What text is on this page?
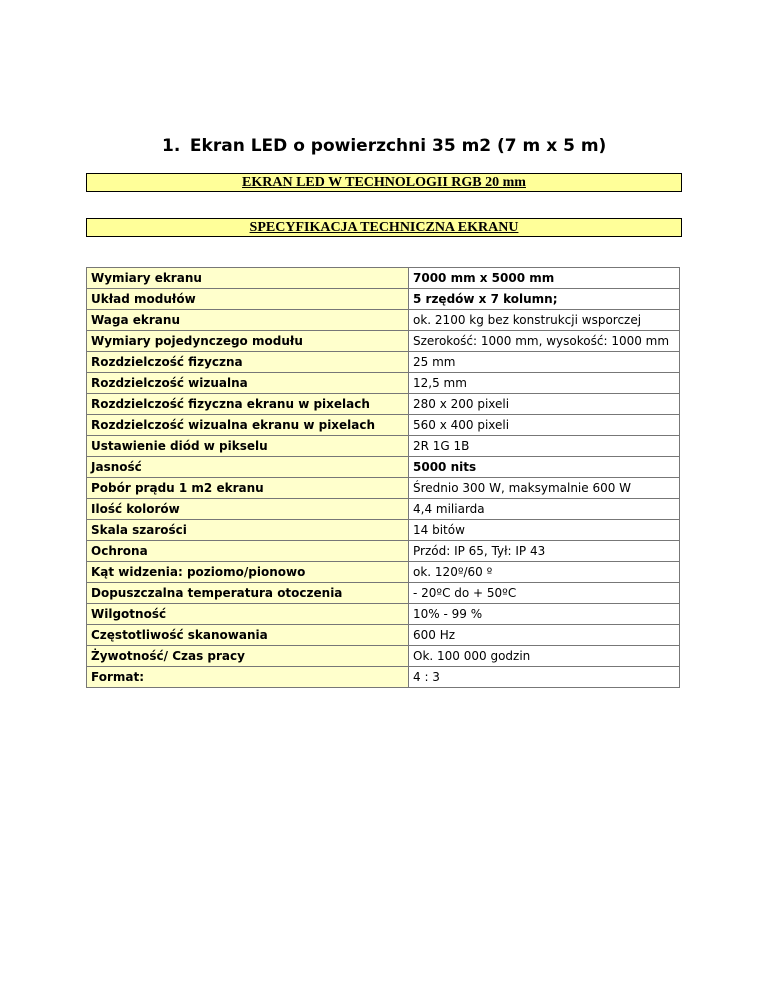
1. Ekran LED o powierzchni 35 m2 (7 m x 5 m)
EKRAN LED W TECHNOLOGII RGB 20 mm
SPECYFIKACJA TECHNICZNA EKRANU
Wymiary ekranu	7000 mm x 5000 mm
Układ modułów	5 rzędów x 7 kolumn;
Waga ekranu	ok. 2100 kg bez konstrukcji wsporczej
Wymiary pojedynczego modułu	Szerokość: 1000 mm, wysokość: 1000 mm
Rozdzielczość fizyczna	25 mm
Rozdzielczość wizualna	12,5 mm
Rozdzielczość fizyczna ekranu w pixelach	280 x 200 pixeli
Rozdzielczość wizualna ekranu w pixelach	560 x 400 pixeli
Ustawienie diód w pikselu	2R 1G 1B
Jasność	5000 nits
Pobór prądu 1 m2 ekranu	Średnio 300 W, maksymalnie 600 W
Ilość kolorów	4,4 miliarda
Skala szarości	14 bitów
Ochrona	Przód: IP 65, Tył: IP 43
Kąt widzenia: poziomo/pionowo	ok. 120º/60 º
Dopuszczalna temperatura otoczenia	- 20ºC do + 50ºC
Wilgotność	10% - 99 %
Częstotliwość skanowania	600 Hz
Żywotność/ Czas pracy	Ok. 100 000 godzin
Format:	4 : 3
